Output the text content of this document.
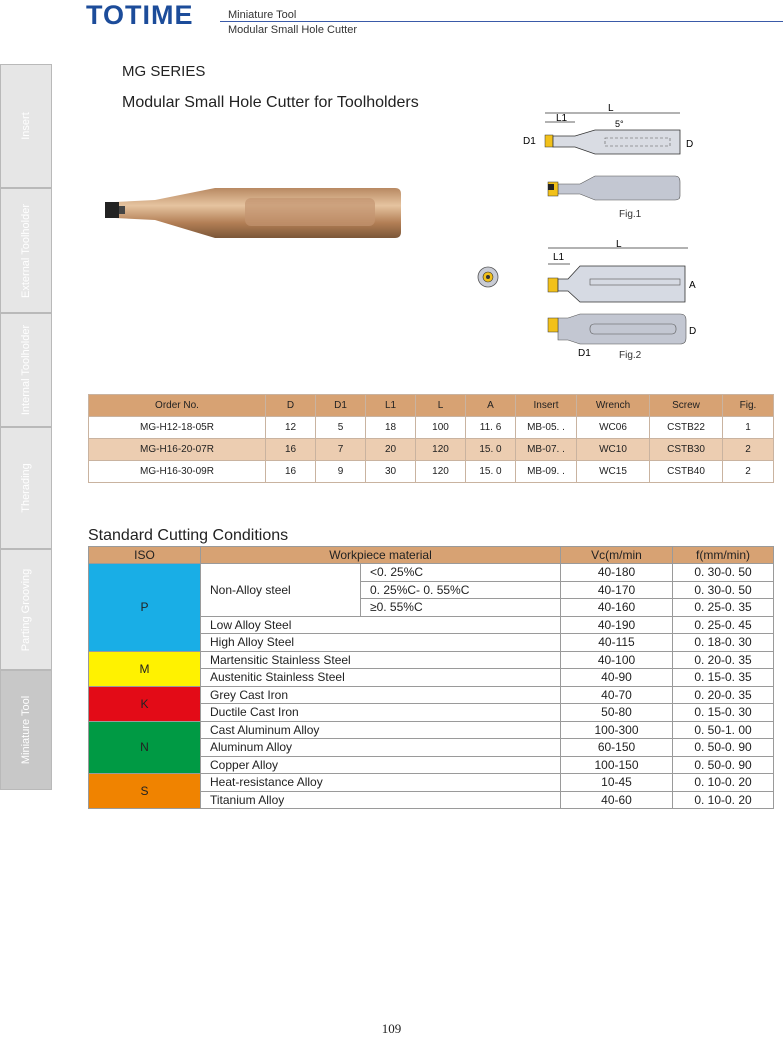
TOTIME	Miniature Tool
Modular Small Hole Cutter
Insert
External Toolholder
Internal Toolholder
Therading
Parting Grooving
Miniature Tool
MG SERIES
Modular Small Hole Cutter for Toolholders	L
L1	5°
D1	D
Fig.1
L
L1
A
D
D1	Fig.2
Order No.	D	D1	L1	L	A	Insert	Wrench	Screw	Fig.
MG-H12-18-05R	12	5	18	100	11. 6	MB-05. .	WC06	CSTB22	1
MG-H16-20-07R	16	7	20	120	15. 0	MB-07. .	WC10	CSTB30	2
MG-H16-30-09R	16	9	30	120	15. 0	MB-09. .	WC15	CSTB40	2
Standard Cutting Conditions
ISO	Workpiece material		Vc(m/min	f(mm/min)
P	Non-Alloy steel	<0. 25%C	40-180	0. 30-0. 50
		0. 25%C- 0. 55%C	40-170	0. 30-0. 50
		≥0. 55%C	40-160	0. 25-0. 35
	Low Alloy Steel		40-190	0. 25-0. 45
	High Alloy Steel		40-115	0. 18-0. 30
M	Martensitic Stainless Steel		40-100	0. 20-0. 35
	Austenitic Stainless Steel		40-90	0. 15-0. 35
K	Grey Cast Iron		40-70	0. 20-0. 35
	Ductile Cast Iron		50-80	0. 15-0. 30
N	Cast Aluminum Alloy		100-300	0. 50-1. 00
	Aluminum Alloy		60-150	0. 50-0. 90
	Copper Alloy		100-150	0. 50-0. 90
S	Heat-resistance Alloy		10-45	0. 10-0. 20
	Titanium Alloy		40-60	0. 10-0. 20
109
